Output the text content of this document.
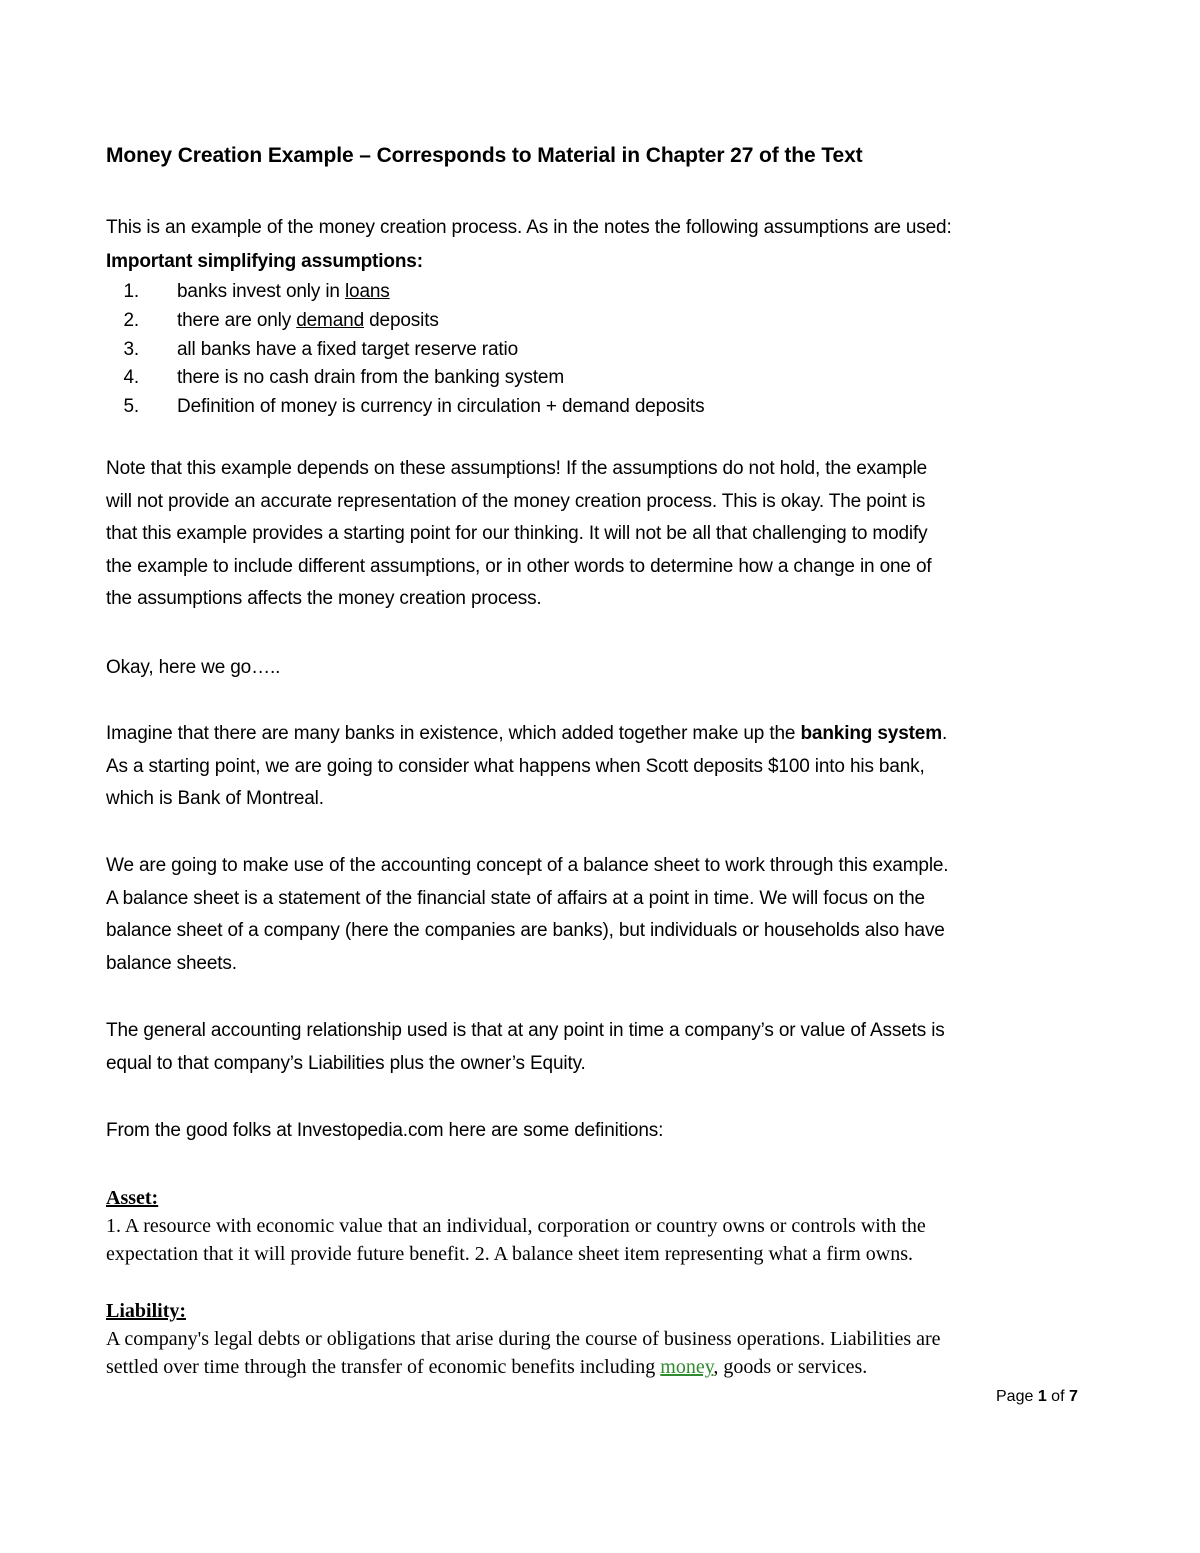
Money Creation Example – Corresponds to Material in Chapter 27 of the Text
This is an example of the money creation process. As in the notes the following assumptions are used:
Important simplifying assumptions:
1. banks invest only in loans
2. there are only demand deposits
3. all banks have a fixed target reserve ratio
4. there is no cash drain from the banking system
5. Definition of money is currency in circulation + demand deposits
Note that this example depends on these assumptions! If the assumptions do not hold, the example
will not provide an accurate representation of the money creation process. This is okay. The point is
that this example provides a starting point for our thinking. It will not be all that challenging to modify
the example to include different assumptions, or in other words to determine how a change in one of
the assumptions affects the money creation process.
Okay, here we go…..
Imagine that there are many banks in existence, which added together make up the banking system.
As a starting point, we are going to consider what happens when Scott deposits $100 into his bank,
which is Bank of Montreal.
We are going to make use of the accounting concept of a balance sheet to work through this example.
A balance sheet is a statement of the financial state of affairs at a point in time. We will focus on the
balance sheet of a company (here the companies are banks), but individuals or households also have
balance sheets.
The general accounting relationship used is that at any point in time a company’s or value of Assets is
equal to that company’s Liabilities plus the owner’s Equity.
From the good folks at Investopedia.com here are some definitions:
Asset:
1. A resource with economic value that an individual, corporation or country owns or controls with the
expectation that it will provide future benefit. 2. A balance sheet item representing what a firm owns.
Liability:
A company's legal debts or obligations that arise during the course of business operations. Liabilities are
settled over time through the transfer of economic benefits including money, goods or services.
Page 1 of 7
